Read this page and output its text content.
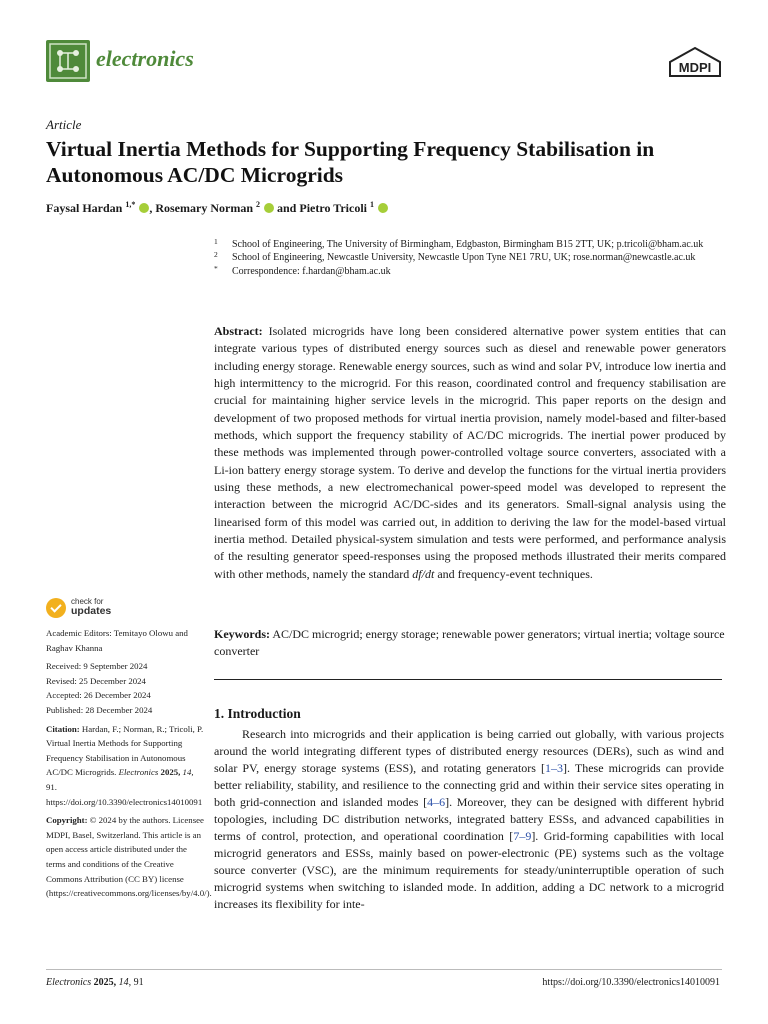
electronics	MDPI
Article
Virtual Inertia Methods for Supporting Frequency Stabilisation in Autonomous AC/DC Microgrids
Faysal Hardan $^{1,*}$ , Rosemary Norman $^2$  and Pietro Tricoli $^1$
1 School of Engineering, The University of Birmingham, Edgbaston, Birmingham B15 2TT, UK; p.tricoli@bham.ac.uk
2 School of Engineering, Newcastle University, Newcastle Upon Tyne NE1 7RU, UK; rose.norman@newcastle.ac.uk
* Correspondence: f.hardan@bham.ac.uk
Abstract: Isolated microgrids have long been considered alternative power system entities that can integrate various types of distributed energy sources such as diesel and renewable power generators including energy storage. Renewable energy sources, such as wind and solar PV, introduce low inertia and high intermittency to the microgrid. For this reason, coordinated control and frequency stabilisation are crucial for maintaining higher service levels in the microgrid. This paper reports on the design and development of two proposed methods for virtual inertia provision, namely model-based and filter-based methods, which support the frequency stability of AC/DC microgrids. The inertial power produced by these methods was implemented through power-controlled voltage source converters, associated with a Li-ion battery energy storage system. To derive and develop the functions for the virtual inertia providers using these methods, a new electromechanical power-speed model was developed to represent the interaction between the microgrid AC/DC-sides and its generators. Small-signal analysis using the linearised form of this model was carried out, in addition to deriving the law for the model-based virtual inertia method. Detailed physical-system simulation and tests were performed, and performance analysis of the resulting generator speed-responses using the proposed methods illustrated their merits compared with other methods, namely the standard df/dt and frequency-event techniques.
Keywords: AC/DC microgrid; energy storage; renewable power generators; virtual inertia; voltage source converter
1. Introduction

Research into microgrids and their application is being carried out globally, with various projects around the world integrating different types of distributed energy resources (DERs), such as wind and solar PV, energy storage systems (ESS), and rotating generators [1–3]. These microgrids can provide better reliability, stability, and resilience to the connecting grid and within their service sites operating in both grid-connection and islanded modes [4–6]. Moreover, they can be designed with different hybrid topologies, including DC distribution networks, integrated battery ESSs, and advanced capabilities in terms of control, protection, and operational coordination [7–9]. Grid-forming capabilities with local microgrid generators and ESSs, mainly based on power-electronic (PE) systems such as the voltage source converter (VSC), are the minimum requirements for steady/uninterruptible operation of such microgrid systems when switching to islanded mode. In addition, adding a DC network to a microgrid increases its flexibility for inte-

check for
updates

Academic Editors: Temitayo Olowu and Raghav Khanna

Received: 9 September 2024
Revised: 25 December 2024
Accepted: 26 December 2024
Published: 28 December 2024

Citation: Hardan, F.; Norman, R.; Tricoli, P. Virtual Inertia Methods for Supporting Frequency Stabilisation in Autonomous AC/DC Microgrids. Electronics 2025, 14, 91. https://doi.org/10.3390/electronics14010091

Copyright: © 2024 by the authors. Licensee MDPI, Basel, Switzerland. This article is an open access article distributed under the terms and conditions of the Creative Commons Attribution (CC BY) license (https://creativecommons.org/licenses/by/4.0/).

Electronics 2025, 14, 91	https://doi.org/10.3390/electronics14010091
